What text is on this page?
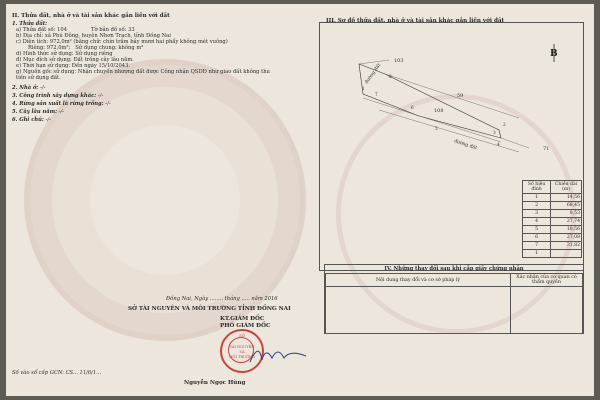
II. Thửa đất, nhà ở và tài sản khác gắn liền với đất
1. Thửa đất:
a) Thửa đất số: 104	Tờ bản đồ số: 33
b) Địa chỉ: xã Phú Đông, huyện Nhơn Trạch, tỉnh Đồng Nai
c) Diện tích: 972,0m² (bằng chữ: chín trăm bảy mươi hai phẩy không mét vuông)
Riêng: 972,0m²; Sử dụng chung: không m²
d) Hình thức sử dụng: Sử dụng riêng
đ) Mục đích sử dụng: Đất trồng cây lâu năm.
e) Thời hạn sử dụng: Đến ngày 15/10/2043.
g) Nguồn gốc sử dụng: Nhận chuyển nhượng đất được Công nhận QSDĐ như giao đất không thu
tiền sử dụng đất.
2. Nhà ở: -/-
3. Công trình xây dựng khác: -/-
4. Rừng sản xuất là rừng trồng: -/-
5. Cây lâu năm: -/-
6. Ghi chú: -/-
III. Sơ đồ thửa đất, nhà ở và tài sản khác gắn liền với đất
103
59
108
71
đường đất
đường đất
1
7
6
5
3
2
4
8
B
Số hiệu đỉnh	Chiều dài (m)
1	14,56
2	68,45
3	8,53
4	27,74
5	18,56
6	27,08
7	31,82
1	
IV. Những thay đổi sau khi cấp giấy chứng nhận
Nội dung thay đổi và cơ sở pháp lý	Xác nhận của cơ quan có thẩm quyền

Đồng Nai, Ngày ........ tháng ..... năm 2016
SỞ TÀI NGUYÊN VÀ MÔI TRƯỜNG TỈNH ĐỒNG NAI
KT.GIÁM ĐỐC
PHÓ GIÁM ĐỐC
SỞ
TÀI NGUYÊN
VÀ
MÔI TRƯỜNG
Nguyễn Ngọc Hùng
Số vào sổ cấp GCN: CS... 11/6/1...
